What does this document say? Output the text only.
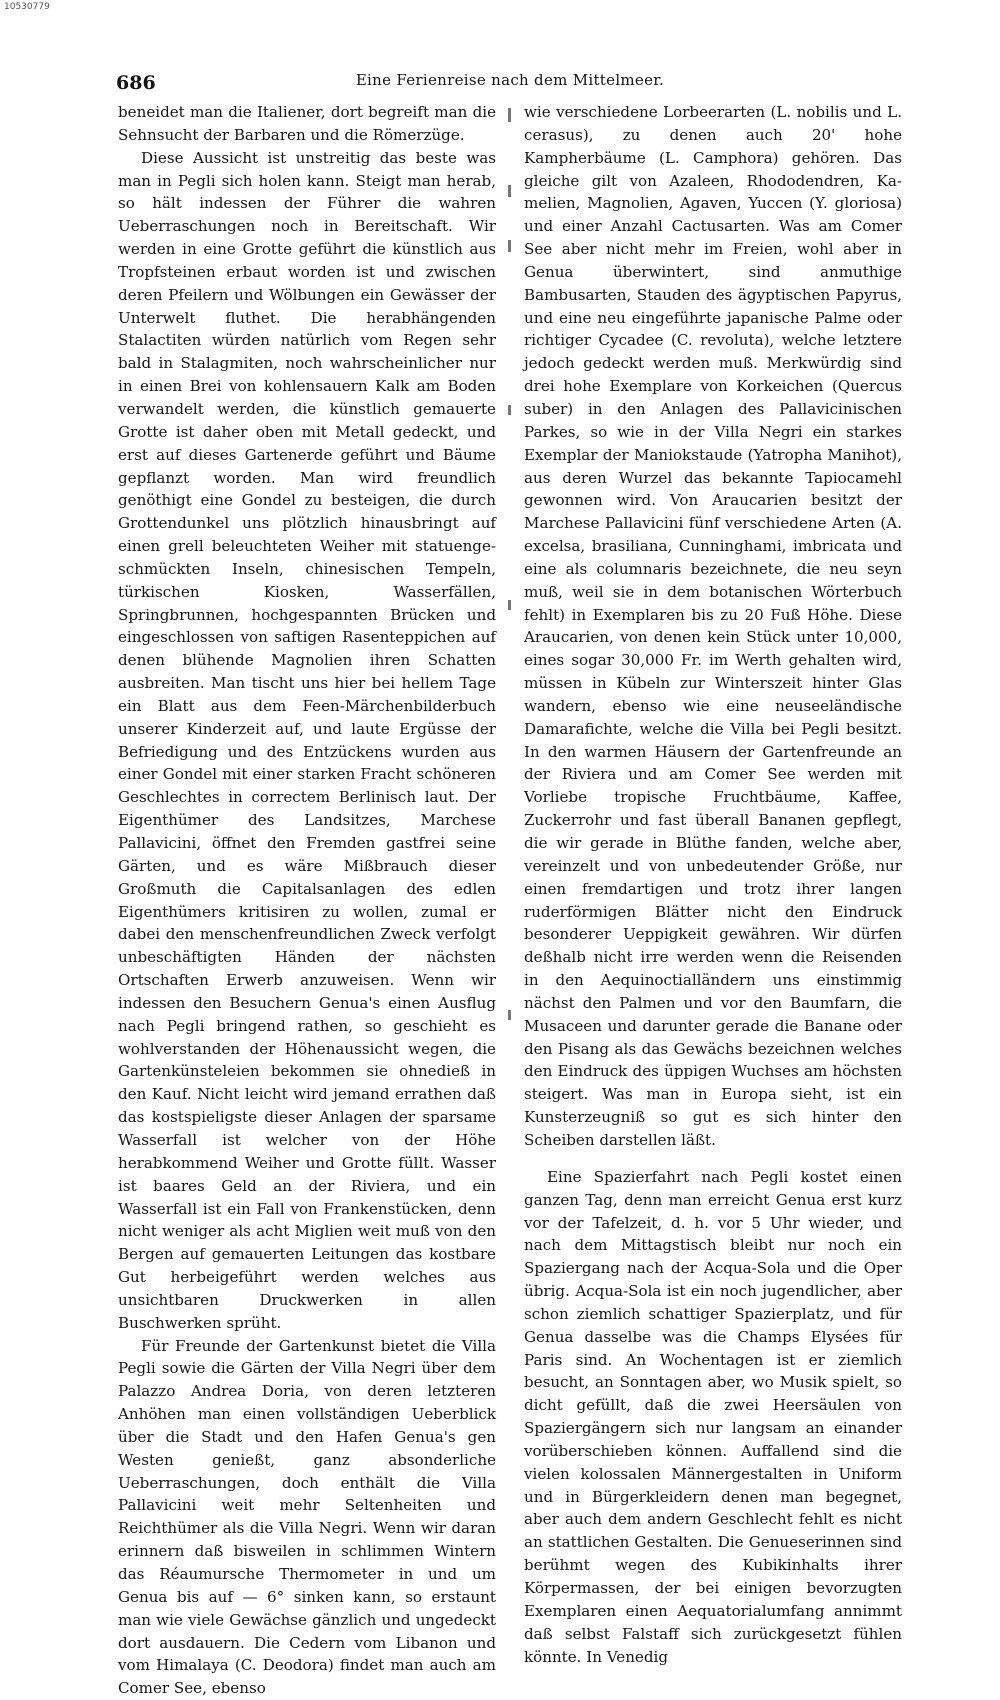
10530779
686	Eine Ferienreise nach dem Mittelmeer.

beneidet man die Italiener, dort begreift man die Sehnsucht der Barbaren und die Römerzüge.

Diese Aussicht ist unstreitig das beste was man in Pegli sich holen kann. Steigt man herab, so hält indessen der Führer die wahren Ueberraschungen noch in Bereitschaft. Wir werden in eine Grotte geführt die künstlich aus Tropfsteinen erbaut worden ist und zwischen deren Pfeilern und Wölbungen ein Gewässer der Unterwelt fluthet. Die herabhängenden Stalactiten würden natürlich vom Regen sehr bald in Stalagmiten, noch wahrscheinlicher nur in einen Brei von kohlensauern Kalk am Boden verwandelt werden, die künstlich gemauerte Grotte ist daher oben mit Metall gedeckt, und erst auf dieses Gartenerde geführt und Bäume gepflanzt worden. Man wird freundlich genöthigt eine Gondel zu besteigen, die durch Grottendunkel uns plötzlich hinausbringt auf einen grell beleuchteten Weiher mit statuengeschmückten Inseln, chinesischen Tempeln, türkischen Kiosken, Wasserfällen, Springbrunnen, hochgespannten Brücken und eingeschlossen von saftigen Rasenteppichen auf denen blühende Magnolien ihren Schatten ausbreiten. Man tischt uns hier bei hellem Tage ein Blatt aus dem Feen-Märchenbilderbuch unserer Kinderzeit auf, und laute Ergüsse der Befriedigung und des Entzückens wurden aus einer Gondel mit einer starken Fracht schöneren Geschlechtes in correctem Berlinisch laut. Der Eigenthümer des Landsitzes, Marchese Pallavicini, öffnet den Fremden gastfrei seine Gärten, und es wäre Mißbrauch dieser Großmuth die Capitalsanlagen des edlen Eigenthümers kritisiren zu wollen, zumal er dabei den menschenfreundlichen Zweck verfolgt unbeschäftigten Händen der nächsten Ortschaften Erwerb anzuweisen. Wenn wir indessen den Besuchern Genua's einen Ausflug nach Pegli bringend rathen, so geschieht es wohlverstanden der Höhenaussicht wegen, die Gartenkünsteleien bekommen sie ohnedieß in den Kauf. Nicht leicht wird jemand errathen daß das kostspieligste dieser Anlagen der sparsame Wasserfall ist welcher von der Höhe herabkommend Weiher und Grotte füllt. Wasser ist baares Geld an der Riviera, und ein Wasserfall ist ein Fall von Frankenstücken, denn nicht weniger als acht Miglien weit muß von den Bergen auf gemauerten Leitungen das kostbare Gut herbeigeführt werden welches aus unsichtbaren Druckwerken in allen Buschwerken sprüht.

Für Freunde der Gartenkunst bietet die Villa Pegli sowie die Gärten der Villa Negri über dem Palazzo Andrea Doria, von deren letzteren Anhöhen man einen vollständigen Ueberblick über die Stadt und den Hafen Genua's gen Westen genießt, ganz absonderliche Ueberraschungen, doch enthält die Villa Pallavicini weit mehr Seltenheiten und Reichthümer als die Villa Negri. Wenn wir daran erinnern daß bisweilen in schlimmen Wintern das Réaumursche Thermometer in und um Genua bis auf — 6° sinken kann, so erstaunt man wie viele Gewächse gänzlich und ungedeckt dort ausdauern. Die Cedern vom Libanon und vom Himalaya (C. Deodora) findet man auch am Comer See, ebenso

wie verschiedene Lorbeerarten (L. nobilis und L. cerasus), zu denen auch 20' hohe Kampherbäume (L. Camphora) gehören. Das gleiche gilt von Azaleen, Rhododendren, Kamelien, Magnolien, Agaven, Yuccen (Y. gloriosa) und einer Anzahl Cactusarten. Was am Comer See aber nicht mehr im Freien, wohl aber in Genua überwintert, sind anmuthige Bambusarten, Stauden des ägyptischen Papyrus, und eine neu eingeführte japanische Palme oder richtiger Cycadee (C. revoluta), welche letztere jedoch gedeckt werden muß. Merkwürdig sind drei hohe Exemplare von Korkeichen (Quercus suber) in den Anlagen des Pallavicinischen Parkes, so wie in der Villa Negri ein starkes Exemplar der Maniokstaude (Yatropha Manihot), aus deren Wurzel das bekannte Tapiocamehl gewonnen wird. Von Araucarien besitzt der Marchese Pallavicini fünf verschiedene Arten (A. excelsa, brasiliana, Cunninghami, imbricata und eine als columnaris bezeichnete, die neu seyn muß, weil sie in dem botanischen Wörterbuch fehlt) in Exemplaren bis zu 20 Fuß Höhe. Diese Araucarien, von denen kein Stück unter 10,000, eines sogar 30,000 Fr. im Werth gehalten wird, müssen in Kübeln zur Winterszeit hinter Glas wandern, ebenso wie eine neuseeländische Damarafichte, welche die Villa bei Pegli besitzt. In den warmen Häusern der Gartenfreunde an der Riviera und am Comer See werden mit Vorliebe tropische Fruchtbäume, Kaffee, Zuckerrohr und fast überall Bananen gepflegt, die wir gerade in Blüthe fanden, welche aber, vereinzelt und von unbedeutender Größe, nur einen fremdartigen und trotz ihrer langen ruderförmigen Blätter nicht den Eindruck besonderer Ueppigkeit gewähren. Wir dürfen deßhalb nicht irre werden wenn die Reisenden in den Aequinoctialländern uns einstimmig nächst den Palmen und vor den Baumfarn, die Musaceen und darunter gerade die Banane oder den Pisang als das Gewächs bezeichnen welches den Eindruck des üppigen Wuchses am höchsten steigert. Was man in Europa sieht, ist ein Kunsterzeugniß so gut es sich hinter den Scheiben darstellen läßt.

Eine Spazierfahrt nach Pegli kostet einen ganzen Tag, denn man erreicht Genua erst kurz vor der Tafelzeit, d. h. vor 5 Uhr wieder, und nach dem Mittagstisch bleibt nur noch ein Spaziergang nach der Acqua-Sola und die Oper übrig. Acqua-Sola ist ein noch jugendlicher, aber schon ziemlich schattiger Spazierplatz, und für Genua dasselbe was die Champs Elysées für Paris sind. An Wochentagen ist er ziemlich besucht, an Sonntagen aber, wo Musik spielt, so dicht gefüllt, daß die zwei Heersäulen von Spaziergängern sich nur langsam an einander vorüberschieben können. Auffallend sind die vielen kolossalen Männergestalten in Uniform und in Bürgerkleidern denen man begegnet, aber auch dem andern Geschlecht fehlt es nicht an stattlichen Gestalten. Die Genueserinnen sind berühmt wegen des Kubikinhalts ihrer Körpermassen, der bei einigen bevorzugten Exemplaren einen Aequatorialumfang annimmt daß selbst Falstaff sich zurückgesetzt fühlen könnte. In Venedig
